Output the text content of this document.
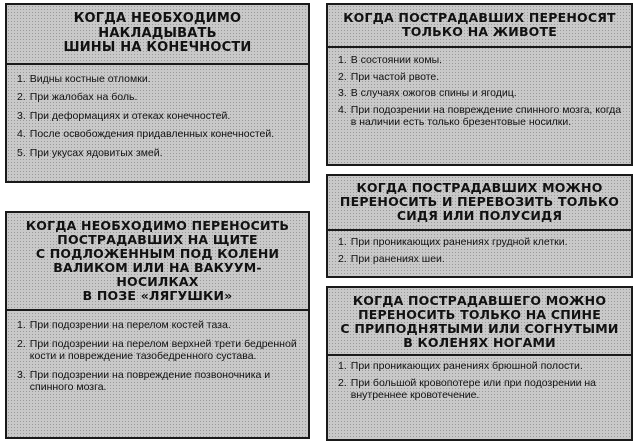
КОГДА НЕОБХОДИМО НАКЛАДЫВАТЬ
ШИНЫ НА КОНЕЧНОСТИ
1. Видны костные отломки.
2. При жалобах на боль.
3. При деформациях и отеках конечностей.
4. После освобождения придавленных конечностей.
5. При укусах ядовитых змей.
КОГДА НЕОБХОДИМО ПЕРЕНОСИТЬ
ПОСТРАДАВШИХ НА ЩИТЕ
С ПОДЛОЖЕННЫМ ПОД КОЛЕНИ
ВАЛИКОМ ИЛИ НА ВАКУУМ-НОСИЛКАХ
В ПОЗЕ «ЛЯГУШКИ»
1. При подозрении на перелом костей таза.
2. При подозрении на перелом верхней трети бедренной кости и повреждение тазобедренного сустава.
3. При подозрении на повреждение позвоночника и спинного мозга.
КОГДА ПОСТРАДАВШИХ ПЕРЕНОСЯТ
ТОЛЬКО НА ЖИВОТЕ
1. В состоянии комы.
2. При частой рвоте.
3. В случаях ожогов спины и ягодиц.
4. При подозрении на повреждение спинного мозга, когда в наличии есть только брезентовые носилки.
КОГДА ПОСТРАДАВШИХ МОЖНО
ПЕРЕНОСИТЬ И ПЕРЕВОЗИТЬ ТОЛЬКО
СИДЯ ИЛИ ПОЛУСИДЯ
1. При проникающих ранениях грудной клетки.
2. При ранениях шеи.
КОГДА ПОСТРАДАВШЕГО МОЖНО
ПЕРЕНОСИТЬ ТОЛЬКО НА СПИНЕ
С ПРИПОДНЯТЫМИ ИЛИ СОГНУТЫМИ
В КОЛЕНЯХ НОГАМИ
1. При проникающих ранениях брюшной полости.
2. При большой кровопотере или при подозрении на внутреннее кровотечение.
